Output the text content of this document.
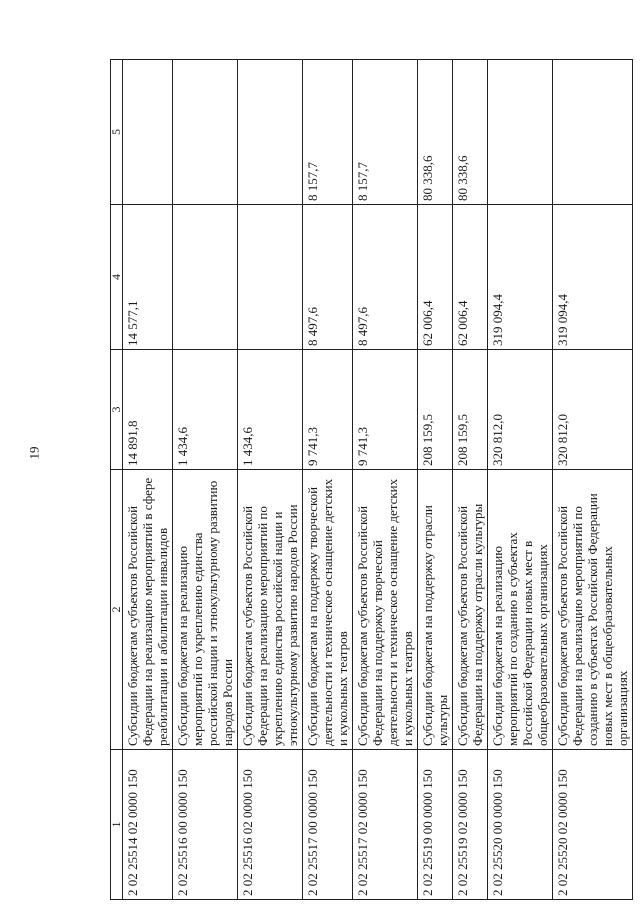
19
1	2	3	4	5
2 02 25514 02 0000 150	Субсидии бюджетам субъектов Российской Федерации на реализацию мероприятий в сфере реабилитации и абилитации инвалидов	14 891,8	14 577,1	
2 02 25516 00 0000 150	Субсидии бюджетам на реализацию мероприятий по укреплению единства российской нации и этнокультурному развитию народов России	1 434,6		
2 02 25516 02 0000 150	Субсидии бюджетам субъектов Российской Федерации на реализацию мероприятий по укреплению единства российской нации и этнокультурному развитию народов России	1 434,6		
2 02 25517 00 0000 150	Субсидии бюджетам на поддержку творческой деятельности и техническое оснащение детских и кукольных театров	9 741,3	8 497,6	8 157,7
2 02 25517 02 0000 150	Субсидии бюджетам субъектов Российской Федерации на поддержку творческой деятельности и техническое оснащение детских и кукольных театров	9 741,3	8 497,6	8 157,7
2 02 25519 00 0000 150	Субсидии бюджетам на поддержку отрасли культуры	208 159,5	62 006,4	80 338,6
2 02 25519 02 0000 150	Субсидии бюджетам субъектов Российской Федерации на поддержку отрасли культуры	208 159,5	62 006,4	80 338,6
2 02 25520 00 0000 150	Субсидии бюджетам на реализацию мероприятий по созданию в субъектах Российской Федерации новых мест в общеобразовательных организациях	320 812,0	319 094,4	
2 02 25520 02 0000 150	Субсидии бюджетам субъектов Российской Федерации на реализацию мероприятий по созданию в субъектах Российской Федерации новых мест в общеобразовательных организациях	320 812,0	319 094,4	
